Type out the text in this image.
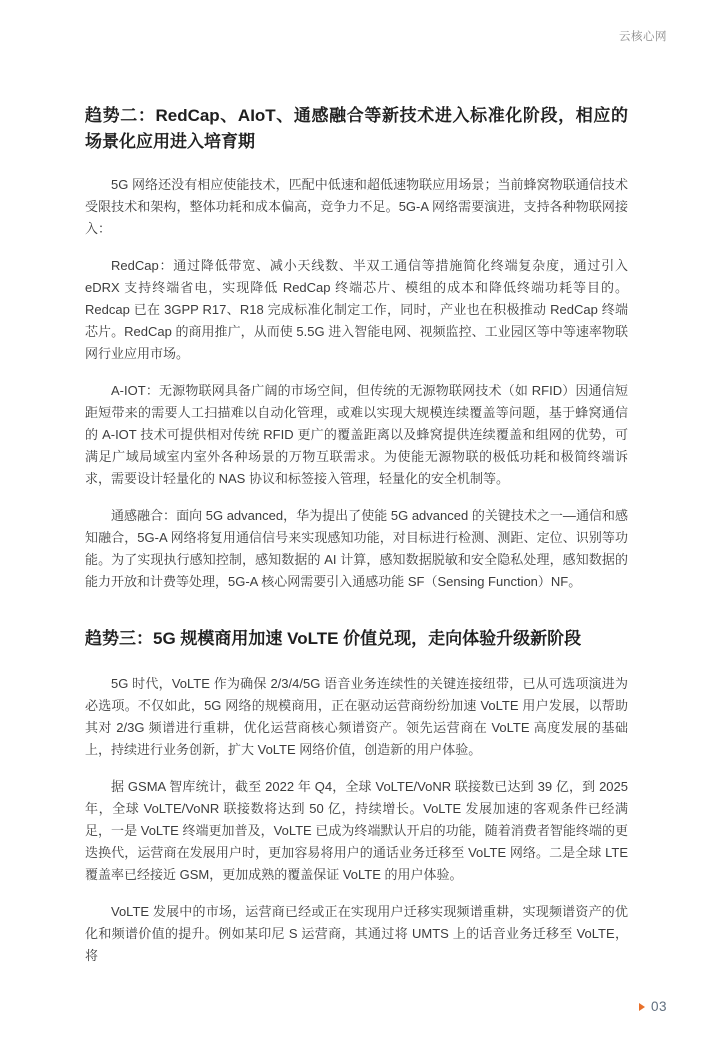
云核心网
趋势二：RedCap、AIoT、通感融合等新技术进入标准化阶段，相应的场景化应用进入培育期

5G 网络还没有相应使能技术，匹配中低速和超低速物联应用场景；当前蜂窝物联通信技术受限技术和架构，整体功耗和成本偏高，竞争力不足。5G-A 网络需要演进，支持各种物联网接入：

RedCap：通过降低带宽、减小天线数、半双工通信等措施简化终端复杂度，通过引入 eDRX 支持终端省电，实现降低 RedCap 终端芯片、模组的成本和降低终端功耗等目的。Redcap 已在 3GPP R17、R18 完成标准化制定工作，同时，产业也在积极推动 RedCap 终端芯片。RedCap 的商用推广，从而使 5.5G 进入智能电网、视频监控、工业园区等中等速率物联网行业应用市场。

A-IOT：无源物联网具备广阔的市场空间，但传统的无源物联网技术（如 RFID）因通信短距短带来的需要人工扫描难以自动化管理，或难以实现大规模连续覆盖等问题，基于蜂窝通信的 A-IOT 技术可提供相对传统 RFID 更广的覆盖距离以及蜂窝提供连续覆盖和组网的优势，可满足广域局域室内室外各种场景的万物互联需求。为使能无源物联的极低功耗和极简终端诉求，需要设计轻量化的 NAS 协议和标签接入管理，轻量化的安全机制等。

通感融合：面向 5G advanced，华为提出了使能 5G advanced 的关键技术之一—通信和感知融合，5G-A 网络将复用通信信号来实现感知功能，对目标进行检测、测距、定位、识别等功能。为了实现执行感知控制，感知数据的 AI 计算，感知数据脱敏和安全隐私处理，感知数据的能力开放和计费等处理，5G-A 核心网需要引入通感功能 SF（Sensing Function）NF。

趋势三：5G 规模商用加速 VoLTE 价值兑现，走向体验升级新阶段

5G 时代，VoLTE 作为确保 2/3/4/5G 语音业务连续性的关键连接纽带，已从可选项演进为必选项。不仅如此，5G 网络的规模商用，正在驱动运营商纷纷加速 VoLTE 用户发展，以帮助其对 2/3G 频谱进行重耕，优化运营商核心频谱资产。领先运营商在 VoLTE 高度发展的基础上，持续进行业务创新，扩大 VoLTE 网络价值，创造新的用户体验。

据 GSMA 智库统计，截至 2022 年 Q4，全球 VoLTE/VoNR 联接数已达到 39 亿，到 2025 年，全球 VoLTE/VoNR 联接数将达到 50 亿，持续增长。VoLTE 发展加速的客观条件已经满足，一是 VoLTE 终端更加普及，VoLTE 已成为终端默认开启的功能，随着消费者智能终端的更迭换代，运营商在发展用户时，更加容易将用户的通话业务迁移至 VoLTE 网络。二是全球 LTE 覆盖率已经接近 GSM，更加成熟的覆盖保证 VoLTE 的用户体验。

VoLTE 发展中的市场，运营商已经或正在实现用户迁移实现频谱重耕，实现频谱资产的优化和频谱价值的提升。例如某印尼 S 运营商，其通过将 UMTS 上的话音业务迁移至 VoLTE，将

03
